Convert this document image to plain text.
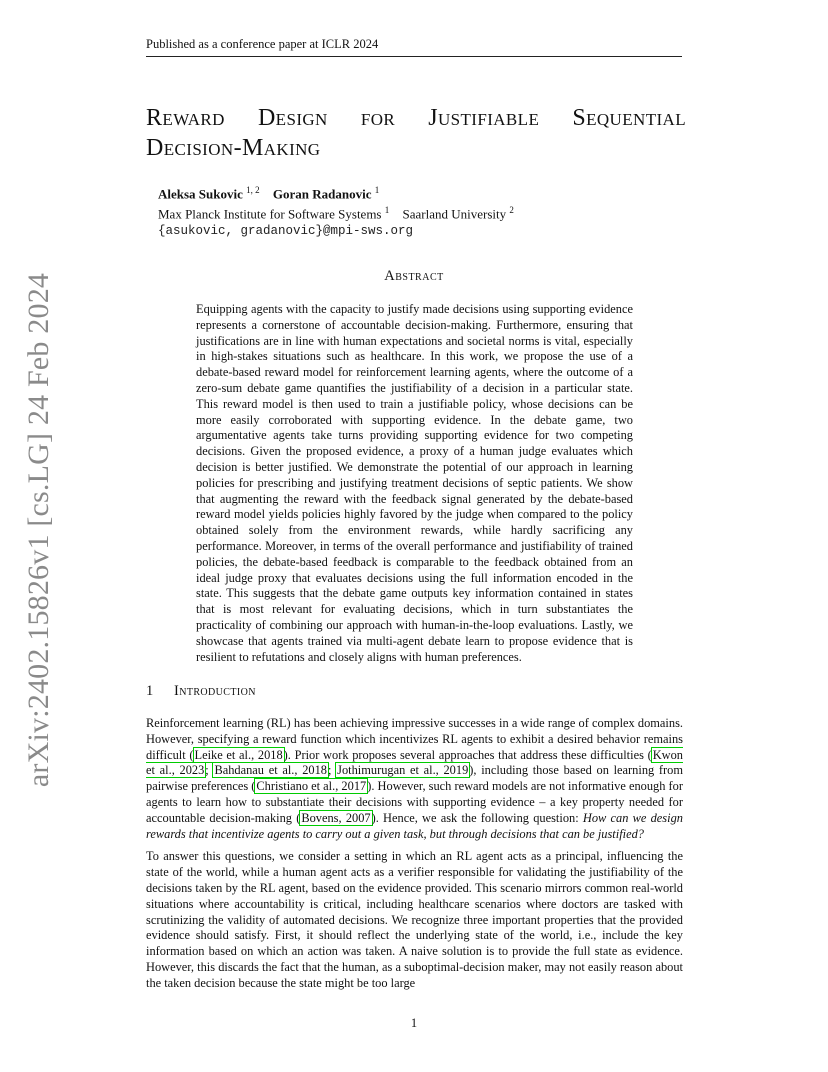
Published as a conference paper at ICLR 2024
arXiv:2402.15826v1 [cs.LG] 24 Feb 2024
Reward Design for Justifiable Sequential Decision-Making
Aleksa Sukovic $^{1, 2}$ Goran Radanovic $^1$
Max Planck Institute for Software Systems $^1$ Saarland University $^2$
{asukovic, gradanovic}@mpi-sws.org
Abstract
Equipping agents with the capacity to justify made decisions using supporting evidence represents a cornerstone of accountable decision-making. Furthermore, ensuring that justifications are in line with human expectations and societal norms is vital, especially in high-stakes situations such as healthcare. In this work, we propose the use of a debate-based reward model for reinforcement learning agents, where the outcome of a zero-sum debate game quantifies the justifiability of a decision in a particular state. This reward model is then used to train a justifiable policy, whose decisions can be more easily corroborated with supporting evidence. In the debate game, two argumentative agents take turns providing supporting evidence for two competing decisions. Given the proposed evidence, a proxy of a human judge evaluates which decision is better justified. We demonstrate the potential of our approach in learning policies for prescribing and justifying treatment decisions of septic patients. We show that augmenting the reward with the feedback signal generated by the debate-based reward model yields policies highly favored by the judge when compared to the policy obtained solely from the environment rewards, while hardly sacrificing any performance. Moreover, in terms of the overall performance and justifiability of trained policies, the debate-based feedback is comparable to the feedback obtained from an ideal judge proxy that evaluates decisions using the full information encoded in the state. This suggests that the debate game outputs key information contained in states that is most relevant for evaluating decisions, which in turn substantiates the practicality of combining our approach with human-in-the-loop evaluations. Lastly, we showcase that agents trained via multi-agent debate learn to propose evidence that is resilient to refutations and closely aligns with human preferences.
1 Introduction

Reinforcement learning (RL) has been achieving impressive successes in a wide range of complex domains. However, specifying a reward function which incentivizes RL agents to exhibit a desired behavior remains difficult (Leike et al., 2018). Prior work proposes several approaches that address these difficulties (Kwon et al., 2023; Bahdanau et al., 2018; Jothimurugan et al., 2019), including those based on learning from pairwise preferences (Christiano et al., 2017). However, such reward models are not informative enough for agents to learn how to substantiate their decisions with supporting evidence – a key property needed for accountable decision-making (Bovens, 2007). Hence, we ask the following question: How can we design rewards that incentivize agents to carry out a given task, but through decisions that can be justified?

To answer this questions, we consider a setting in which an RL agent acts as a principal, influencing the state of the world, while a human agent acts as a verifier responsible for validating the justifiability of the decisions taken by the RL agent, based on the evidence provided. This scenario mirrors common real-world situations where accountability is critical, including healthcare scenarios where doctors are tasked with scrutinizing the validity of automated decisions. We recognize three important properties that the provided evidence should satisfy. First, it should reflect the underlying state of the world, i.e., include the key information based on which an action was taken. A naive solution is to provide the full state as evidence. However, this discards the fact that the human, as a suboptimal-decision maker, may not easily reason about the taken decision because the state might be too large

1
